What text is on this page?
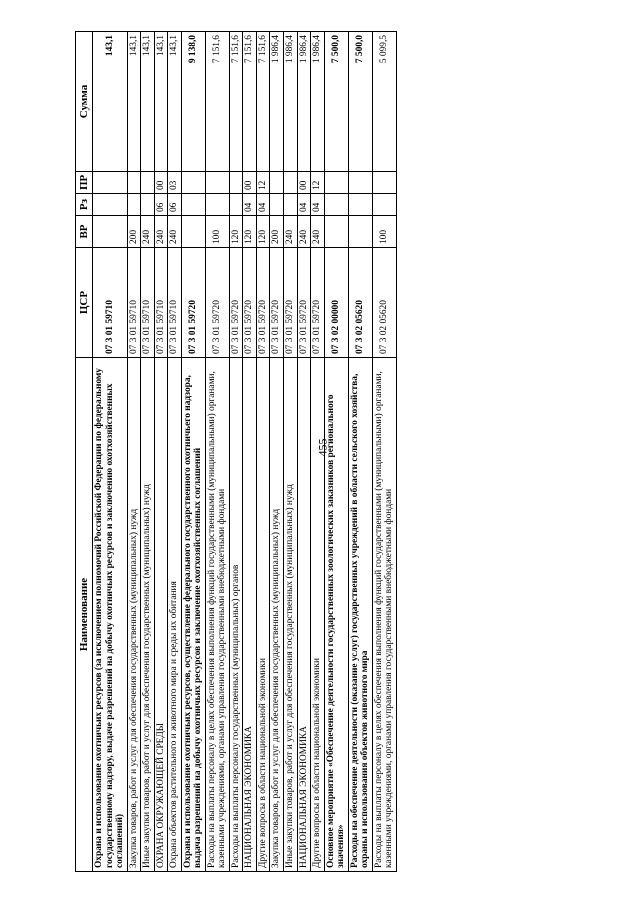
455
Наименование	ЦСР	ВР	Рз	ПР	Сумма
Охрана и использование охотничьих ресурсов (за исключением полномочий Российской Федерации по федеральному государственному надзору, выдаче разрешений на добычу охотничьих ресурсов и заключению охотхозяйственных соглашений)	07 3 01 59710				143,1
Закупка товаров, работ и услуг для обеспечения государственных (муниципальных) нужд	07 3 01 59710	200			143,1
Иные закупки товаров, работ и услуг для обеспечения государственных (муниципальных) нужд	07 3 01 59710	240			143,1
ОХРАНА ОКРУЖАЮЩЕЙ СРЕДЫ	07 3 01 59710	240	06	00	143,1
Охрана объектов растительного и животного мира и среды их обитания	07 3 01 59710	240	06	03	143,1
Охрана и использование охотничьих ресурсов, осуществление федерального государственного охотничьего надзора, выдача разрешений на добычу охотничьих ресурсов и заключение охотхозяйственных соглашений	07 3 01 59720				9 138,0
Расходы на выплаты персоналу в целях обеспечения выполнения функций государственными (муниципальными) органами, казенными учреждениями, органами управления государственными внебюджетными фондами	07 3 01 59720	100			7 151,6
Расходы на выплаты персоналу государственных (муниципальных) органов	07 3 01 59720	120			7 151,6
НАЦИОНАЛЬНАЯ ЭКОНОМИКА	07 3 01 59720	120	04	00	7 151,6
Другие вопросы в области национальной экономики	07 3 01 59720	120	04	12	7 151,6
Закупка товаров, работ и услуг для обеспечения государственных (муниципальных) нужд	07 3 01 59720	200			1 986,4
Иные закупки товаров, работ и услуг для обеспечения государственных (муниципальных) нужд	07 3 01 59720	240			1 986,4
НАЦИОНАЛЬНАЯ ЭКОНОМИКА	07 3 01 59720	240	04	00	1 986,4
Другие вопросы в области национальной экономики	07 3 01 59720	240	04	12	1 986,4
Основное мероприятие «Обеспечение деятельности государственных зоологических заказников регионального значения»	07 3 02 00000				7 500,0
Расходы на обеспечение деятельности (оказание услуг) государственных учреждений в области сельского хозяйства, охраны и использования объектов животного мира	07 3 02 05620				7 500,0
Расходы на выплаты персоналу в целях обеспечения выполнения функций государственными (муниципальными) органами, казенными учреждениями, органами управления государственными внебюджетными фондами	07 3 02 05620	100			5 099,5
